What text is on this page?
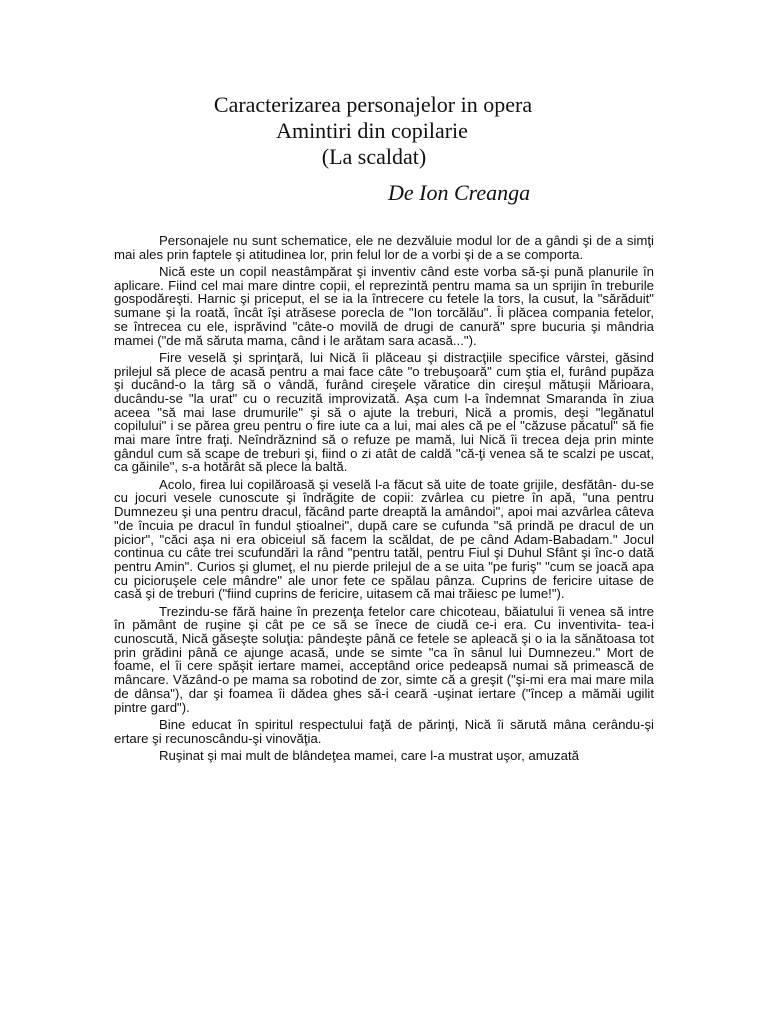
Caracterizarea personajelor in opera
Amintiri din copilarie
(La scaldat)
De Ion Creanga

Personajele nu sunt schematice, ele ne dezvăluie modul lor de a gândi şi de a simţi mai ales prin faptele şi atitudinea lor, prin felul lor de a vorbi şi de a se comporta.

Nică este un copil neastâmpărat şi inventiv când este vorba să-şi pună planurile în aplicare. Fiind cel mai mare dintre copii, el reprezintă pentru mama sa un sprijin în treburile gospodăreşti. Harnic şi priceput, el se ia la întrecere cu fetele la tors, la cusut, la "sărăduit" sumane şi la roată, încât îşi atrăsese porecla de "Ion torcălău". Îi plăcea compania fetelor, se întrecea cu ele, isprăvind "câte-o movilă de drugi de canură" spre bucuria şi mândria mamei ("de mă săruta mama, când i le arătam sara acasă...").

Fire veselă şi sprinţară, lui Nică îi plăceau şi distracţiile specifice vârstei, găsind prilejul să plece de acasă pentru a mai face câte "o trebuşoară" cum ştia el, furând pupăza şi ducând-o la târg să o vândă, furând cireşele văratice din cireşul mătuşii Mărioara, ducându-se "la urat" cu o recuzită improvizată. Aşa cum l-a îndemnat Smaranda în ziua aceea "să mai lase drumurile" şi să o ajute la treburi, Nică a promis, deşi "legănatul copilului" i se părea greu pentru o fire iute ca a lui, mai ales că pe el "căzuse păcatul" să fie mai mare între fraţi. Neîndrăznind să o refuze pe mamă, lui Nică îi trecea deja prin minte gândul cum să scape de treburi şi, fiind o zi atât de caldă "că-ţi venea să te scalzi pe uscat, ca găinile", s-a hotărât să plece la baltă.

Acolo, firea lui copilăroasă şi veselă l-a făcut să uite de toate grijile, desfătân- du-se cu jocuri vesele cunoscute şi îndrăgite de copii: zvârlea cu pietre în apă, "una pentru Dumnezeu şi una pentru dracul, făcând parte dreaptă la amândoi", apoi mai azvârlea câteva "de încuia pe dracul în fundul ştioalnei", după care se cufunda "să prindă pe dracul de un picior", "căci aşa ni era obiceiul să facem la scăldat, de pe când Adam-Babadam." Jocul continua cu câte trei scufundări la rând "pentru tatăl, pentru Fiul şi Duhul Sfânt şi înc-o dată pentru Amin". Curios şi glumeţ, el nu pierde prilejul de a se uita "pe furiş" "cum se joacă apa cu picioruşele cele mândre" ale unor fete ce spălau pânza. Cuprins de fericire uitase de casă şi de treburi ("fiind cuprins de fericire, uitasem că mai trăiesc pe lume!").

Trezindu-se fără haine în prezenţa fetelor care chicoteau, băiatului îi venea să intre în pământ de ruşine şi cât pe ce să se înece de ciudă ce-i era. Cu inventivita- tea-i cunoscută, Nică găseşte soluţia: pândeşte până ce fetele se apleacă şi o ia la sănătoasa tot prin grădini până ce ajunge acasă, unde se simte "ca în sânul lui Dumnezeu." Mort de foame, el îi cere spăşit iertare mamei, acceptând orice pedeapsă numai să primească de mâncare. Văzând-o pe mama sa robotind de zor, simte că a greşit ("şi-mi era mai mare mila de dânsa"), dar şi foamea îi dădea ghes să-i ceară -uşinat iertare ("încep a mămăi ugilit pintre gard").

Bine educat în spiritul respectului faţă de părinţi, Nică îi sărută mâna cerându-şi ertare şi recunoscându-şi vinovăţia.

Ruşinat şi mai mult de blândeţea mamei, care l-a mustrat uşor, amuzată
